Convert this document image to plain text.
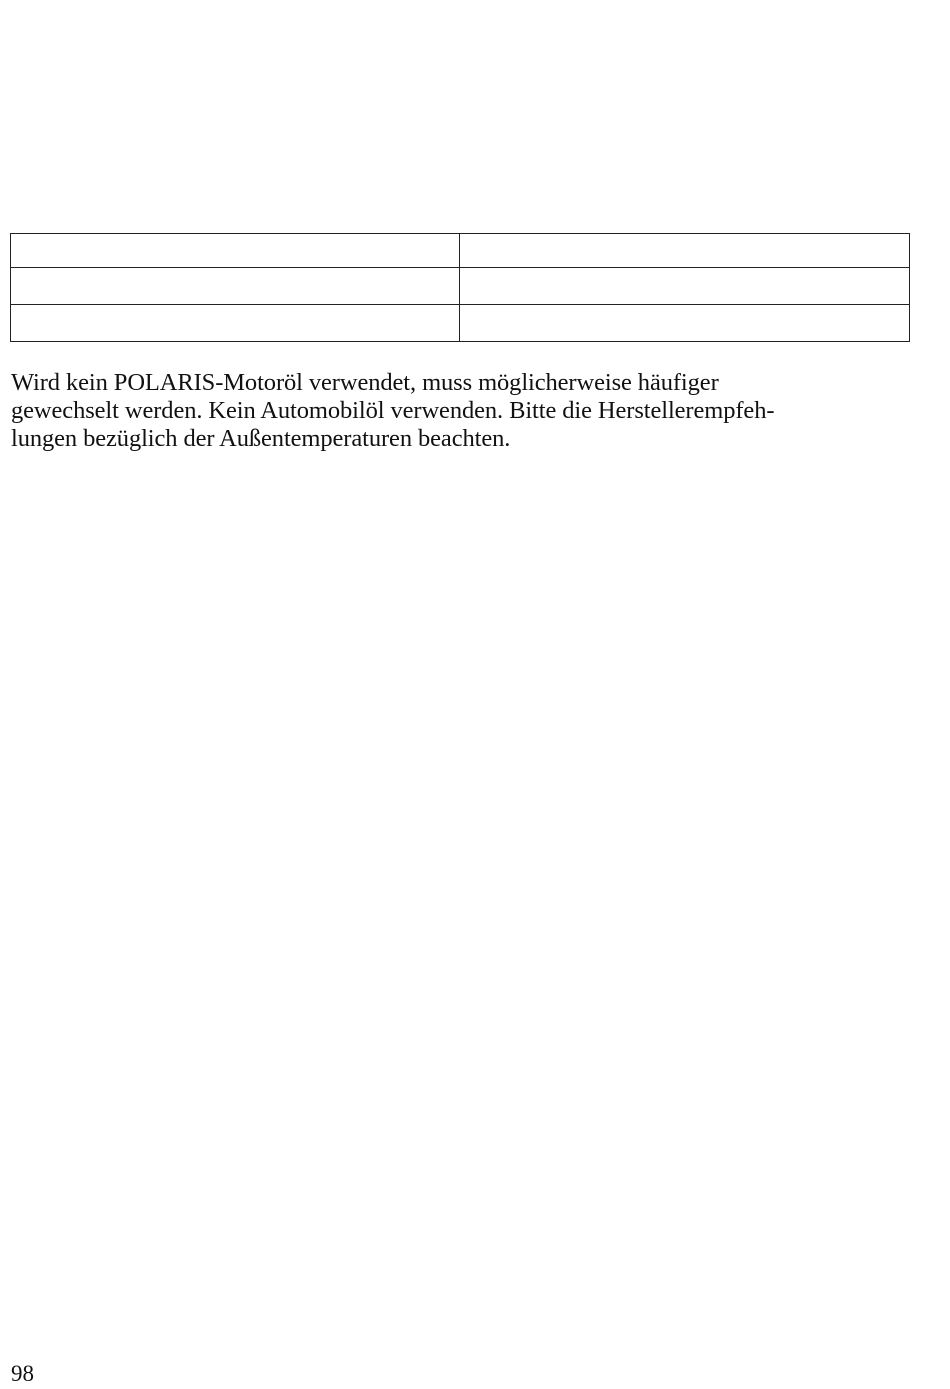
Wird kein POLARIS-Motoröl verwendet, muss möglicherweise häufiger
gewechselt werden. Kein Automobilöl verwenden. Bitte die Herstellerempfeh-
lungen bezüglich der Außentemperaturen beachten.

98
